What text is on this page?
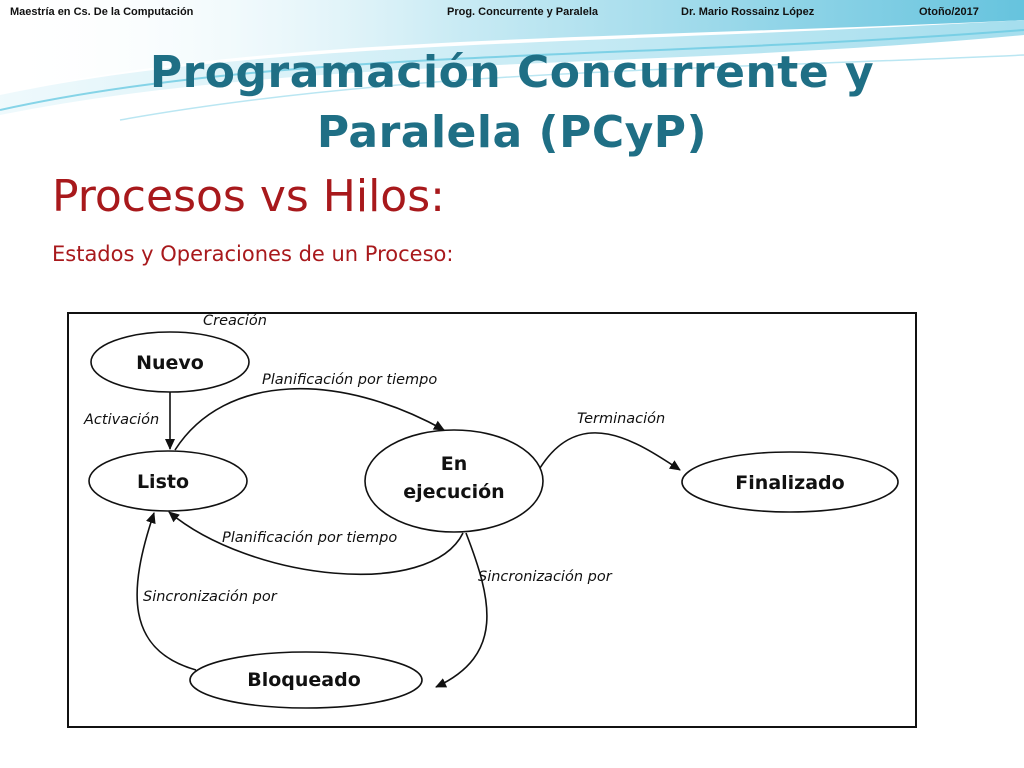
Maestría en Cs. De la Computación	Prog. Concurrente y Paralela	Dr. Mario Rossainz López	Otoño/2017
Programación Concurrente y
Paralela (PCyP)
Procesos vs Hilos:
Estados y Operaciones de un Proceso:
Nuevo
Listo
En
ejecución	Finalizado
Bloqueado
Creación
Activación
Planificación por tiempo
Terminación
Planificación por tiempo
Sincronización por
Sincronización por
